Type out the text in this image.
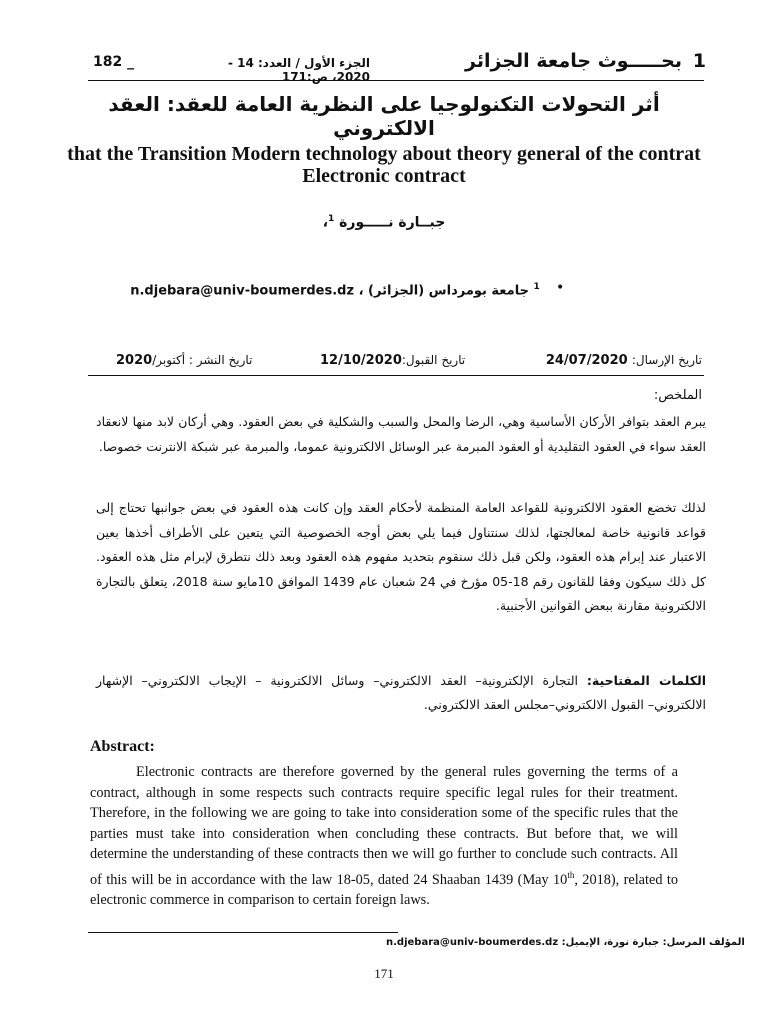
1
بحـــــوث جامعة الجزائر
الجزء الأول / العدد: 14 - 2020، ص:171
182 _
أثر التحولات التكنولوجيا على النظرية العامة للعقد: العقد الالكتروني
that the Transition Modern technology about theory general of the contrat Electronic contract
جبــارة نـــــورة $^1$،
•
$^1$ جامعة بومرداس (الجزائر) ، n.djebara@univ-boumerdes.dz
تاريخ الإرسال: 24/07/2020
تاريخ القبول:12/10/2020
تاريخ النشر : أكتوبر/2020
الملخص:
يبرم العقد بتوافر الأركان الأساسية وهي، الرضا والمحل والسبب والشكلية في بعض العقود. وهي أركان لابد منها لانعقاد العقد سواء في العقود التقليدية أو العقود المبرمة عبر الوسائل الالكترونية عموما، والمبرمة عبر شبكة الانترنت خصوصا.
لذلك تخضع العقود الالكترونية للقواعد العامة المنظمة لأحكام العقد وإن كانت هذه العقود في بعض جوانبها تحتاج إلى قواعد قانونية خاصة لمعالجتها، لذلك سنتناول فيما يلي بعض أوجه الخصوصية التي يتعين على الأطراف أخذها بعين الاعتبار عند إبرام هذه العقود، ولكن قبل ذلك سنقوم بتحديد مفهوم هذه العقود وبعد ذلك نتطرق لإبرام مثل هذه العقود. كل ذلك سيكون وفقا للقانون رقم 18-05 مؤرخ في 24 شعبان عام 1439 الموافق 10مايو سنة 2018، يتعلق بالتجارة الالكترونية مقارنة ببعض القوانين الأجنبية.
الكلمات المفتاحية: التجارة الإلكترونية– العقد الالكتروني– وسائل الالكترونية – الإيجاب الالكتروني– الإشهار الالكتروني– القبول الالكتروني–مجلس العقد الالكتروني.
Abstract:
Electronic contracts are therefore governed by the general rules governing the terms of a contract, although in some respects such contracts require specific legal rules for their treatment. Therefore, in the following we are going to take into consideration some of the specific rules that the parties must take into consideration when concluding these contracts. But before that, we will determine the understanding of these contracts then we will go further to conclude such contracts. All of this will be in accordance with the law 18-05, dated 24 Shaaban 1439 (May 10th, 2018), related to electronic commerce in comparison to certain foreign laws.
المؤلف المرسل: جبارة نورة، الإيميل: n.djebara@univ-boumerdes.dz
171
